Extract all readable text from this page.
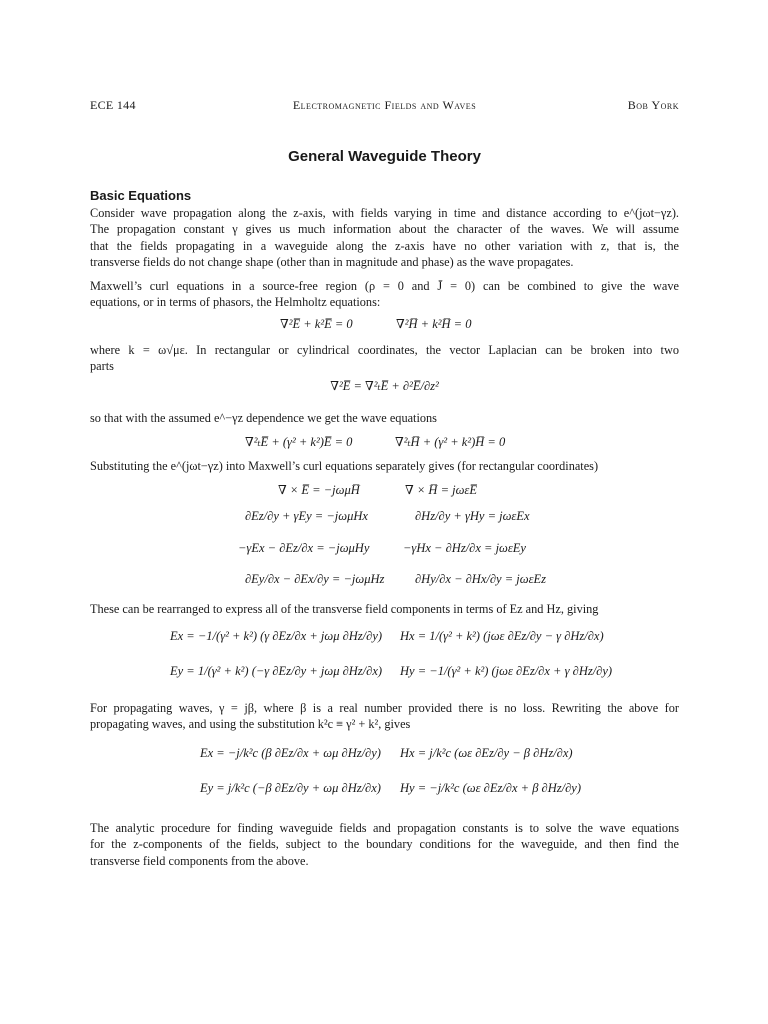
ECE 144	Electromagnetic Fields and Waves	Bob York
General Waveguide Theory
Basic Equations
Consider wave propagation along the z-axis, with fields varying in time and distance according to e^(jωt−γz).
The propagation constant γ gives us much information about the character of the waves. We will assume
that the fields propagating in a waveguide along the z-axis have no other variation with z, that is, the
transverse fields do not change shape (other than in magnitude and phase) as the wave propagates.
Maxwell’s curl equations in a source-free region (ρ = 0 and J̄ = 0) can be combined to give the wave
equations, or in terms of phasors, the Helmholtz equations:
∇²E̅ + k²E̅ = 0	∇²H̅ + k²H̅ = 0
where k = ω√με. In rectangular or cylindrical coordinates, the vector Laplacian can be broken into two
parts
∇²E̅ = ∇²ₜE̅ + ∂²E̅/∂z²
so that with the assumed e^−γz dependence we get the wave equations
∇²ₜE̅ + (γ² + k²)E̅ = 0	∇²ₜH̅ + (γ² + k²)H̅ = 0
Substituting the e^(jωt−γz) into Maxwell’s curl equations separately gives (for rectangular coordinates)
∇ × E̅ = −jωμH̅	∇ × H̅ = jωεE̅
∂Ez/∂y + γEy = −jωμHx	∂Hz/∂y + γHy = jωεEx
−γEx − ∂Ez/∂x = −jωμHy	−γHx − ∂Hz/∂x = jωεEy
∂Ey/∂x − ∂Ex/∂y = −jωμHz ∂Hy/∂x − ∂Hx/∂y = jωεEz
These can be rearranged to express all of the transverse field components in terms of Ez and Hz, giving
Ex = −1/(γ² + k²) (γ ∂Ez/∂x + jωμ ∂Hz/∂y) Hx = 1/(γ² + k²) (jωε ∂Ez/∂y − γ ∂Hz/∂x)
Ey = 1/(γ² + k²) (−γ ∂Ez/∂y + jωμ ∂Hz/∂x) Hy = −1/(γ² + k²) (jωε ∂Ez/∂x + γ ∂Hz/∂y)
For propagating waves, γ = jβ, where β is a real number provided there is no loss. Rewriting the above for
propagating waves, and using the substitution k²c ≡ γ² + k², gives
Ex = −j/k²c (β ∂Ez/∂x + ωμ ∂Hz/∂y) Hx = j/k²c (ωε ∂Ez/∂y − β ∂Hz/∂x)
Ey = j/k²c (−β ∂Ez/∂y + ωμ ∂Hz/∂x) Hy = −j/k²c (ωε ∂Ez/∂x + β ∂Hz/∂y)
The analytic procedure for finding waveguide fields and propagation constants is to solve the wave equations
for the z-components of the fields, subject to the boundary conditions for the waveguide, and then find the
transverse field components from the above.
